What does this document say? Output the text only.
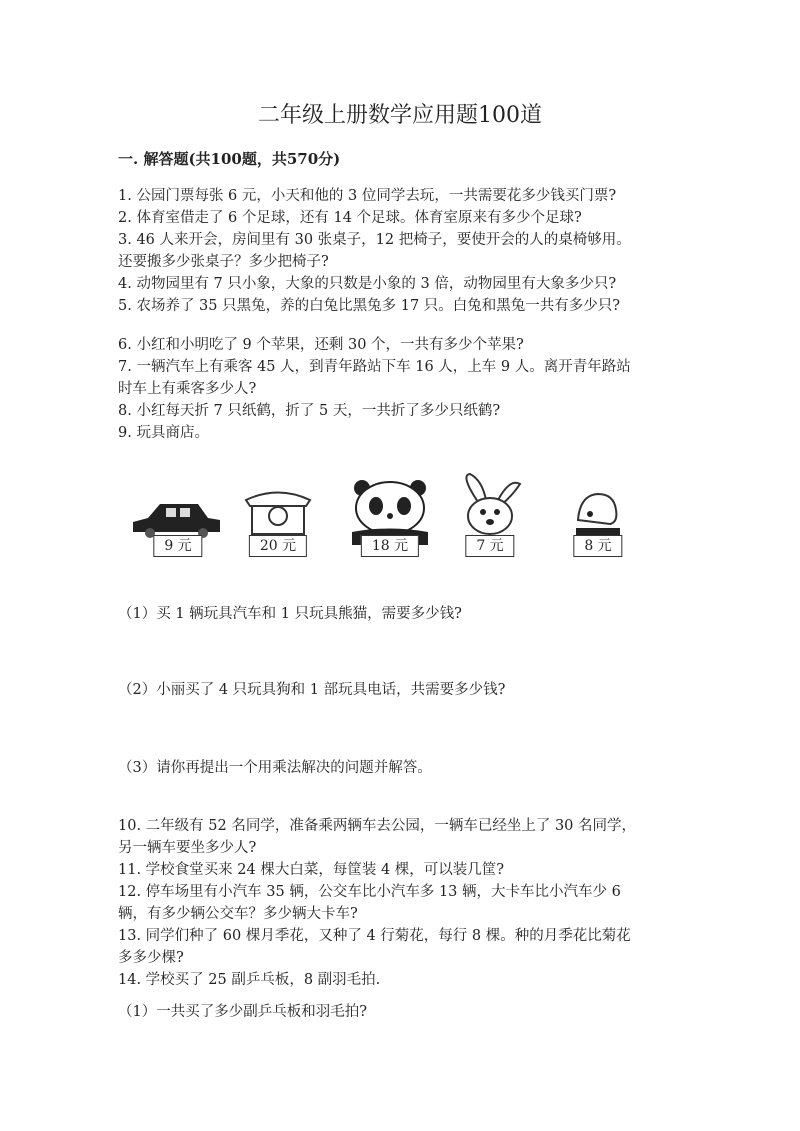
二年级上册数学应用题100道
一. 解答题(共100题，共570分)
1. 公园门票每张 6 元，小天和他的 3 位同学去玩，一共需要花多少钱买门票?
2. 体育室借走了 6 个足球，还有 14 个足球。体育室原来有多少个足球?
3. 46 人来开会，房间里有 30 张桌子，12 把椅子，要使开会的人的桌椅够用。
还要搬多少张桌子？多少把椅子?
4. 动物园里有 7 只小象，大象的只数是小象的 3 倍，动物园里有大象多少只?
5. 农场养了 35 只黑兔，养的白兔比黑兔多 17 只。白兔和黑兔一共有多少只?
6. 小红和小明吃了 9 个苹果，还剩 30 个，一共有多少个苹果?
7. 一辆汽车上有乘客 45 人，到青年路站下车 16 人，上车 9 人。离开青年路站
时车上有乘客多少人?
8. 小红每天折 7 只纸鹤，折了 5 天，一共折了多少只纸鹤?
9. 玩具商店。
9 元	20 元	18 元	7 元	8 元
（1）买 1 辆玩具汽车和 1 只玩具熊猫，需要多少钱?
（2）小丽买了 4 只玩具狗和 1 部玩具电话，共需要多少钱?
（3）请你再提出一个用乘法解决的问题并解答。
10. 二年级有 52 名同学，准备乘两辆车去公园，一辆车已经坐上了 30 名同学，
另一辆车要坐多少人?
11. 学校食堂买来 24 棵大白菜，每筐装 4 棵，可以装几筐?
12. 停车场里有小汽车 35 辆，公交车比小汽车多 13 辆，大卡车比小汽车少 6
辆，有多少辆公交车？多少辆大卡车?
13. 同学们种了 60 棵月季花，又种了 4 行菊花，每行 8 棵。种的月季花比菊花
多多少棵?
14. 学校买了 25 副乒乓板，8 副羽毛拍.
（1）一共买了多少副乒乓板和羽毛拍?
